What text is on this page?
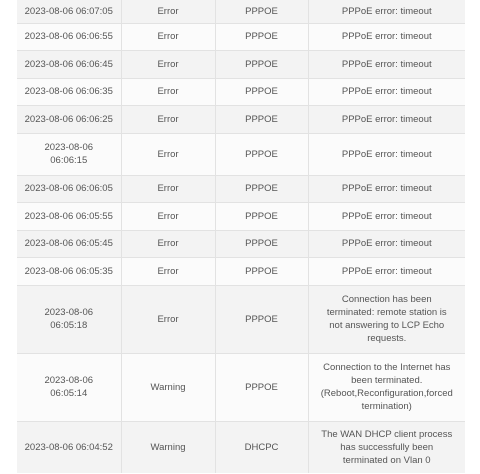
2023-08-06 06:07:05	Error	PPPOE	PPPoE error: timeout
2023-08-06 06:06:55	Error	PPPOE	PPPoE error: timeout
2023-08-06 06:06:45	Error	PPPOE	PPPoE error: timeout
2023-08-06 06:06:35	Error	PPPOE	PPPoE error: timeout
2023-08-06 06:06:25	Error	PPPOE	PPPoE error: timeout
2023-08-06 06:06:15	Error	PPPOE	PPPoE error: timeout
2023-08-06 06:06:05	Error	PPPOE	PPPoE error: timeout
2023-08-06 06:05:55	Error	PPPOE	PPPoE error: timeout
2023-08-06 06:05:45	Error	PPPOE	PPPoE error: timeout
2023-08-06 06:05:35	Error	PPPOE	PPPoE error: timeout
2023-08-06 06:05:18	Error	PPPOE	Connection has been terminated: remote station is not answering to LCP Echo requests.
2023-08-06 06:05:14	Warning	PPPOE	Connection to the Internet has been terminated.(Reboot,Reconfiguration,forced termination)
2023-08-06 06:04:52	Warning	DHCPC	The WAN DHCP client process has successfully been terminated on Vlan 0
